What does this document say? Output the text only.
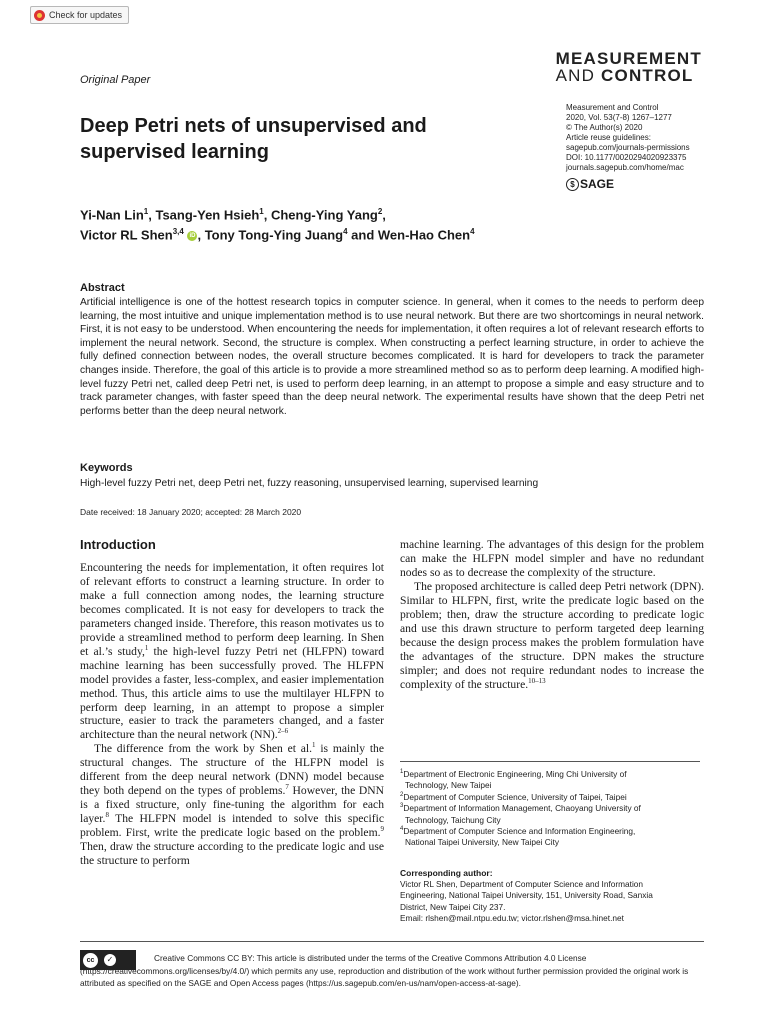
Check for updates
MEASUREMENT
AND CONTROL
Original Paper
Measurement and Control
2020, Vol. 53(7-8) 1267–1277
© The Author(s) 2020
Article reuse guidelines:
sagepub.com/journals-permissions
DOI: 10.1177/0020294020923375
journals.sagepub.com/home/mac
$ SAGE
Deep Petri nets of unsupervised and supervised learning
Yi-Nan Lin$^1$, Tsang-Yen Hsieh$^1$, Cheng-Ying Yang$^2$,
Victor RL Shen$^{3,4}$ iD , Tony Tong-Ying Juang$^4$ and Wen-Hao Chen$^4$
Abstract
Artificial intelligence is one of the hottest research topics in computer science. In general, when it comes to the needs to perform deep learning, the most intuitive and unique implementation method is to use neural network. But there are two shortcomings in neural network. First, it is not easy to be understood. When encountering the needs for implementation, it often requires a lot of relevant research efforts to implement the neural network. Second, the structure is complex. When constructing a perfect learning structure, in order to achieve the fully defined connection between nodes, the overall structure becomes complicated. It is hard for developers to track the parameter changes inside. Therefore, the goal of this article is to provide a more streamlined method so as to perform deep learning. A modified high-level fuzzy Petri net, called deep Petri net, is used to perform deep learning, in an attempt to propose a simple and easy structure and to track parameter changes, with faster speed than the deep neural network. The experimental results have shown that the deep Petri net performs better than the deep neural network.
Keywords
High-level fuzzy Petri net, deep Petri net, fuzzy reasoning, unsupervised learning, supervised learning
Date received: 18 January 2020; accepted: 28 March 2020
Introduction

Encountering the needs for implementation, it often requires lot of relevant efforts to construct a learning structure. In order to make a full connection among nodes, the learning structure becomes complicated. It is not easy for developers to track the parameters changed inside. Therefore, this reason motivates us to provide a streamlined method to perform deep learning. In Shen et al.’s study,$^1$ the high-level fuzzy Petri net (HLFPN) toward machine learning has been successfully proved. The HLFPN model provides a faster, less-complex, and easier implementation method. Thus, this article aims to use the multilayer HLFPN to perform deep learning, in an attempt to propose a simpler structure, easier to track the parameters changed, and a faster architecture than the neural network (NN).$^{2-6}$

The difference from the work by Shen et al.$^1$ is mainly the structural changes. The structure of the HLFPN model is different from the deep neural network (DNN) model because they both depend on the types of problems.$^7$ However, the DNN is a fixed structure, only fine-tuning the algorithm for each layer.$^8$ The HLFPN model is intended to solve this specific problem. First, write the predicate logic based on the problem.$^9$ Then, draw the structure according to the predicate logic and use the structure to perform

machine learning. The advantages of this design for the problem can make the HLFPN model simpler and have no redundant nodes so as to decrease the complexity of the structure.

The proposed architecture is called deep Petri network (DPN). Similar to HLFPN, first, write the predicate logic based on the problem; then, draw the structure according to predicate logic and use this drawn structure to perform targeted deep learning because the design process makes the problem formulation have the advantages of the structure. DPN makes the structure simpler; and does not require redundant nodes to increase the complexity of the structure.$^{10-13}$

$^1$Department of Electronic Engineering, Ming Chi University of
Technology, New Taipei
$^2$Department of Computer Science, University of Taipei, Taipei
$^3$Department of Information Management, Chaoyang University of
Technology, Taichung City
$^4$Department of Computer Science and Information Engineering,
National Taipei University, New Taipei City
Corresponding author:
Victor RL Shen, Department of Computer Science and Information
Engineering, National Taipei University, 151, University Road, Sanxia
District, New Taipei City 237.
Email: rlshen@mail.ntpu.edu.tw; victor.rlshen@msa.hinet.net
cc	✓	Creative Commons CC BY: This article is distributed under the terms of the Creative Commons Attribution 4.0 License (https://creativecommons.org/licenses/by/4.0/) which permits any use, reproduction and distribution of the work without further permission provided the original work is attributed as specified on the SAGE and Open Access pages (https://us.sagepub.com/en-us/nam/open-access-at-sage).
